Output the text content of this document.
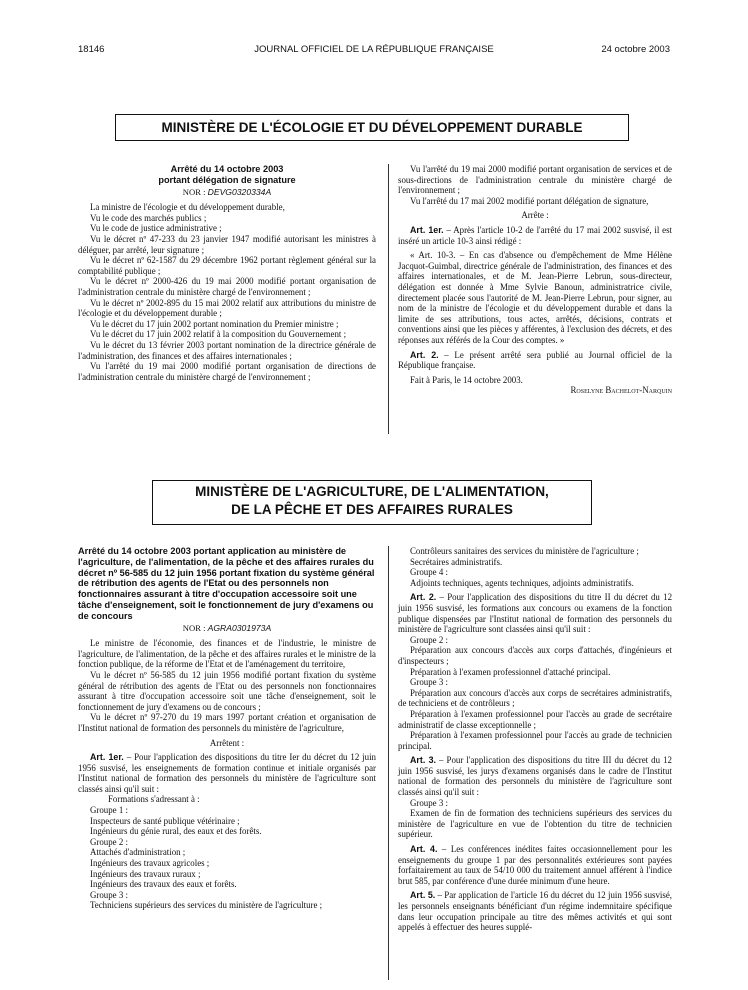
18146	JOURNAL OFFICIEL DE LA RÉPUBLIQUE FRANÇAISE	24 octobre 2003
MINISTÈRE DE L'ÉCOLOGIE ET DU DÉVELOPPEMENT DURABLE
Arrêté du 14 octobre 2003
portant délégation de signature
NOR : DEVG0320334A

La ministre de l'écologie et du développement durable,

Vu le code des marchés publics ;

Vu le code de justice administrative ;

Vu le décret nº 47-233 du 23 janvier 1947 modifié autorisant les ministres à déléguer, par arrêté, leur signature ;

Vu le décret nº 62-1587 du 29 décembre 1962 portant règlement général sur la comptabilité publique ;

Vu le décret nº 2000-426 du 19 mai 2000 modifié portant organisation de l'administration centrale du ministère chargé de l'environnement ;

Vu le décret nº 2002-895 du 15 mai 2002 relatif aux attributions du ministre de l'écologie et du développement durable ;

Vu le décret du 17 juin 2002 portant nomination du Premier ministre ;

Vu le décret du 17 juin 2002 relatif à la composition du Gouvernement ;

Vu le décret du 13 février 2003 portant nomination de la directrice générale de l'administration, des finances et des affaires internationales ;

Vu l'arrêté du 19 mai 2000 modifié portant organisation de directions de l'administration centrale du ministère chargé de l'environnement ;

Vu l'arrêté du 19 mai 2000 modifié portant organisation de services et de sous-directions de l'administration centrale du ministère chargé de l'environnement ;

Vu l'arrêté du 17 mai 2002 modifié portant délégation de signature,

Arrête :

Art. 1er. – Après l'article 10-2 de l'arrêté du 17 mai 2002 susvisé, il est inséré un article 10-3 ainsi rédigé :

« Art. 10-3. – En cas d'absence ou d'empêchement de Mme Hélène Jacquot-Guimbal, directrice générale de l'administration, des finances et des affaires internationales, et de M. Jean-Pierre Lebrun, sous-directeur, délégation est donnée à Mme Sylvie Banoun, administratrice civile, directement placée sous l'autorité de M. Jean-Pierre Lebrun, pour signer, au nom de la ministre de l'écologie et du développement durable et dans la limite de ses attributions, tous actes, arrêtés, décisions, contrats et conventions ainsi que les pièces y afférentes, à l'exclusion des décrets, et des réponses aux référés de la Cour des comptes. »

Art. 2. – Le présent arrêté sera publié au Journal officiel de la République française.

Fait à Paris, le 14 octobre 2003.

Roselyne Bachelot-Narquin

MINISTÈRE DE L'AGRICULTURE, DE L'ALIMENTATION,
DE LA PÊCHE ET DES AFFAIRES RURALES
Arrêté du 14 octobre 2003 portant application au ministère de l'agriculture, de l'alimentation, de la pêche et des affaires rurales du décret nº 56-585 du 12 juin 1956 portant fixation du système général de rétribution des agents de l'Etat ou des personnels non fonctionnaires assurant à titre d'occupation accessoire soit une tâche d'enseignement, soit le fonctionnement de jury d'examens ou de concours
NOR : AGRA0301973A

Le ministre de l'économie, des finances et de l'industrie, le ministre de l'agriculture, de l'alimentation, de la pêche et des affaires rurales et le ministre de la fonction publique, de la réforme de l'Etat et de l'aménagement du territoire,

Vu le décret nº 56-585 du 12 juin 1956 modifié portant fixation du système général de rétribution des agents de l'Etat ou des personnels non fonctionnaires assurant à titre d'occupation accessoire soit une tâche d'enseignement, soit le fonctionnement de jury d'examens ou de concours ;

Vu le décret nº 97-270 du 19 mars 1997 portant création et organisation de l'Institut national de formation des personnels du ministère de l'agriculture,

Arrêtent :

Art. 1er. – Pour l'application des dispositions du titre Ier du décret du 12 juin 1956 susvisé, les enseignements de formation continue et initiale organisés par l'Institut national de formation des personnels du ministère de l'agriculture sont classés ainsi qu'il suit :

Formations s'adressant à :

Groupe 1 :

Inspecteurs de santé publique vétérinaire ;

Ingénieurs du génie rural, des eaux et des forêts.

Groupe 2 :

Attachés d'administration ;

Ingénieurs des travaux agricoles ;

Ingénieurs des travaux ruraux ;

Ingénieurs des travaux des eaux et forêts.

Groupe 3 :

Techniciens supérieurs des services du ministère de l'agriculture ;

Contrôleurs sanitaires des services du ministère de l'agriculture ;

Secrétaires administratifs.

Groupe 4 :

Adjoints techniques, agents techniques, adjoints administratifs.

Art. 2. – Pour l'application des dispositions du titre II du décret du 12 juin 1956 susvisé, les formations aux concours ou examens de la fonction publique dispensées par l'Institut national de formation des personnels du ministère de l'agriculture sont classées ainsi qu'il suit :

Groupe 2 :

Préparation aux concours d'accès aux corps d'attachés, d'ingénieurs et d'inspecteurs ;

Préparation à l'examen professionnel d'attaché principal.

Groupe 3 :

Préparation aux concours d'accès aux corps de secrétaires administratifs, de techniciens et de contrôleurs ;

Préparation à l'examen professionnel pour l'accès au grade de secrétaire administratif de classe exceptionnelle ;

Préparation à l'examen professionnel pour l'accès au grade de technicien principal.

Art. 3. – Pour l'application des dispositions du titre III du décret du 12 juin 1956 susvisé, les jurys d'examens organisés dans le cadre de l'Institut national de formation des personnels du ministère de l'agriculture sont classés ainsi qu'il suit :

Groupe 3 :

Examen de fin de formation des techniciens supérieurs des services du ministère de l'agriculture en vue de l'obtention du titre de technicien supérieur.

Art. 4. – Les conférences inédites faites occasionnellement pour les enseignements du groupe 1 par des personnalités extérieures sont payées forfaitairement au taux de 54/10 000 du traitement annuel afférent à l'indice brut 585, par conférence d'une durée minimum d'une heure.

Art. 5. – Par application de l'article 16 du décret du 12 juin 1956 susvisé, les personnels enseignants bénéficiant d'un régime indemnitaire spécifique dans leur occupation principale au titre des mêmes activités et qui sont appelés à effectuer des heures supplé-
